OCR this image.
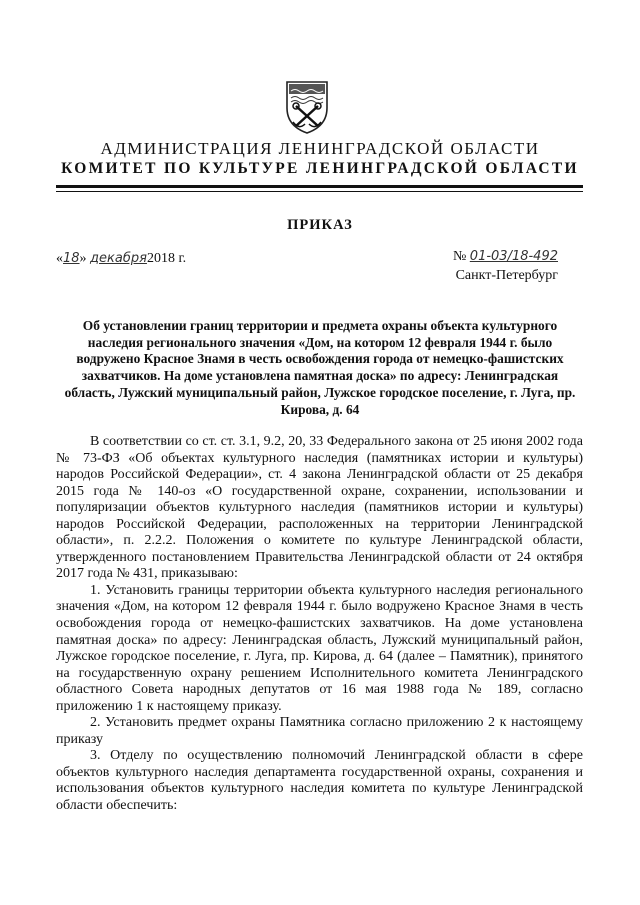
АДМИНИСТРАЦИЯ ЛЕНИНГРАДСКОЙ ОБЛАСТИ
КОМИТЕТ ПО КУЛЬТУРЕ ЛЕНИНГРАДСКОЙ ОБЛАСТИ
ПРИКАЗ
«18» декабря2018 г.	№ 01-03/18-492
Санкт-Петербург
Об установлении границ территории и предмета охраны объекта культурного наследия регионального значения «Дом, на котором 12 февраля 1944 г. было водружено Красное Знамя в честь освобождения города от немецко-фашистских захватчиков. На доме установлена памятная доска» по адресу: Ленинградская область, Лужский муниципальный район, Лужское городское поселение, г. Луга, пр. Кирова, д. 64

В соответствии со ст. ст. 3.1, 9.2, 20, 33 Федерального закона от 25 июня 2002 года № 73-ФЗ «Об объектах культурного наследия (памятниках истории и культуры) народов Российской Федерации», ст. 4 закона Ленинградской области от 25 декабря 2015 года № 140-оз «О государственной охране, сохранении, использовании и популяризации объектов культурного наследия (памятников истории и культуры) народов Российской Федерации, расположенных на территории Ленинградской области», п. 2.2.2. Положения о комитете по культуре Ленинградской области, утвержденного постановлением Правительства Ленинградской области от 24 октября 2017 года № 431, приказываю:

1. Установить границы территории объекта культурного наследия регионального значения «Дом, на котором 12 февраля 1944 г. было водружено Красное Знамя в честь освобождения города от немецко-фашистских захватчиков. На доме установлена памятная доска» по адресу: Ленинградская область, Лужский муниципальный район, Лужское городское поселение, г. Луга, пр. Кирова, д. 64 (далее – Памятник), принятого на государственную охрану решением Исполнительного комитета Ленинградского областного Совета народных депутатов от 16 мая 1988 года № 189, согласно приложению 1 к настоящему приказу.

2. Установить предмет охраны Памятника согласно приложению 2 к настоящему приказу

3. Отделу по осуществлению полномочий Ленинградской области в сфере объектов культурного наследия департамента государственной охраны, сохранения и использования объектов культурного наследия комитета по культуре Ленинградской области обеспечить:
